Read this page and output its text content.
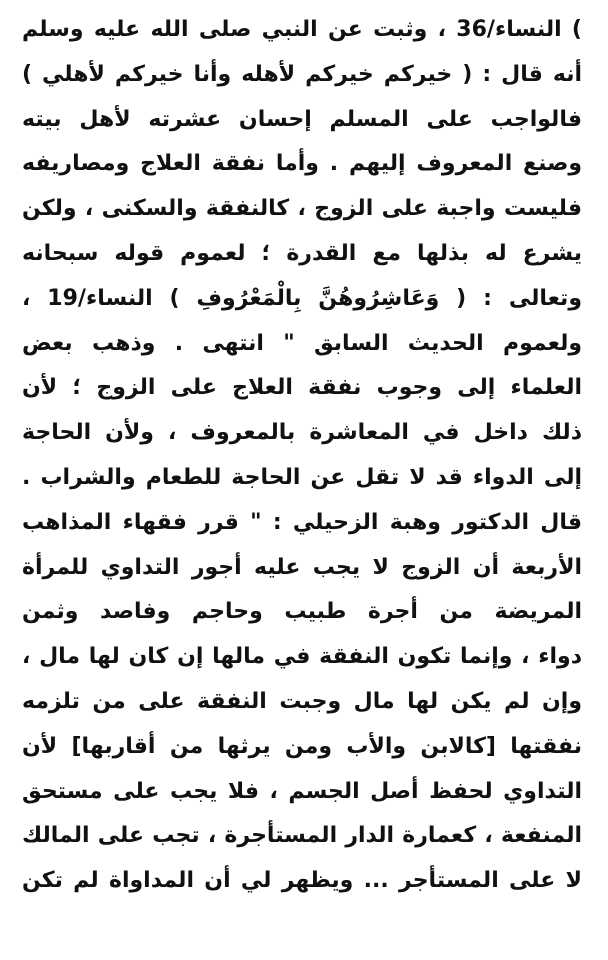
) النساء/36 ، وثبت عن النبي صلى الله عليه وسلم
أنه قال : ( خيركم خيركم لأهله وأنا خيركم لأهلي )
فالواجب على المسلم إحسان عشرته لأهل بيته
وصنع المعروف إليهم . وأما نفقة العلاج ومصاريفه
فليست واجبة على الزوج ، كالنفقة والسكنى ، ولكن
يشرع له بذلها مع القدرة ؛ لعموم قوله سبحانه
وتعالى : ( وَعَاشِرُوهُنَّ بِالْمَعْرُوفِ ) النساء/19 ،
ولعموم الحديث السابق " انتهى . وذهب بعض
العلماء إلى وجوب نفقة العلاج على الزوج ؛ لأن
ذلك داخل في المعاشرة بالمعروف ، ولأن الحاجة
إلى الدواء قد لا تقل عن الحاجة للطعام والشراب .
قال الدكتور وهبة الزحيلي : " قرر فقهاء المذاهب
الأربعة أن الزوج لا يجب عليه أجور التداوي للمرأة
المريضة من أجرة طبيب وحاجم وفاصد وثمن
دواء ، وإنما تكون النفقة في مالها إن كان لها مال ،
وإن لم يكن لها مال وجبت النفقة على من تلزمه
نفقتها [كالابن والأب ومن يرثها من أقاربها] لأن
التداوي لحفظ أصل الجسم ، فلا يجب على مستحق
المنفعة ، كعمارة الدار المستأجرة ، تجب على المالك
لا على المستأجر ... ويظهر لي أن المداواة لم تكن
